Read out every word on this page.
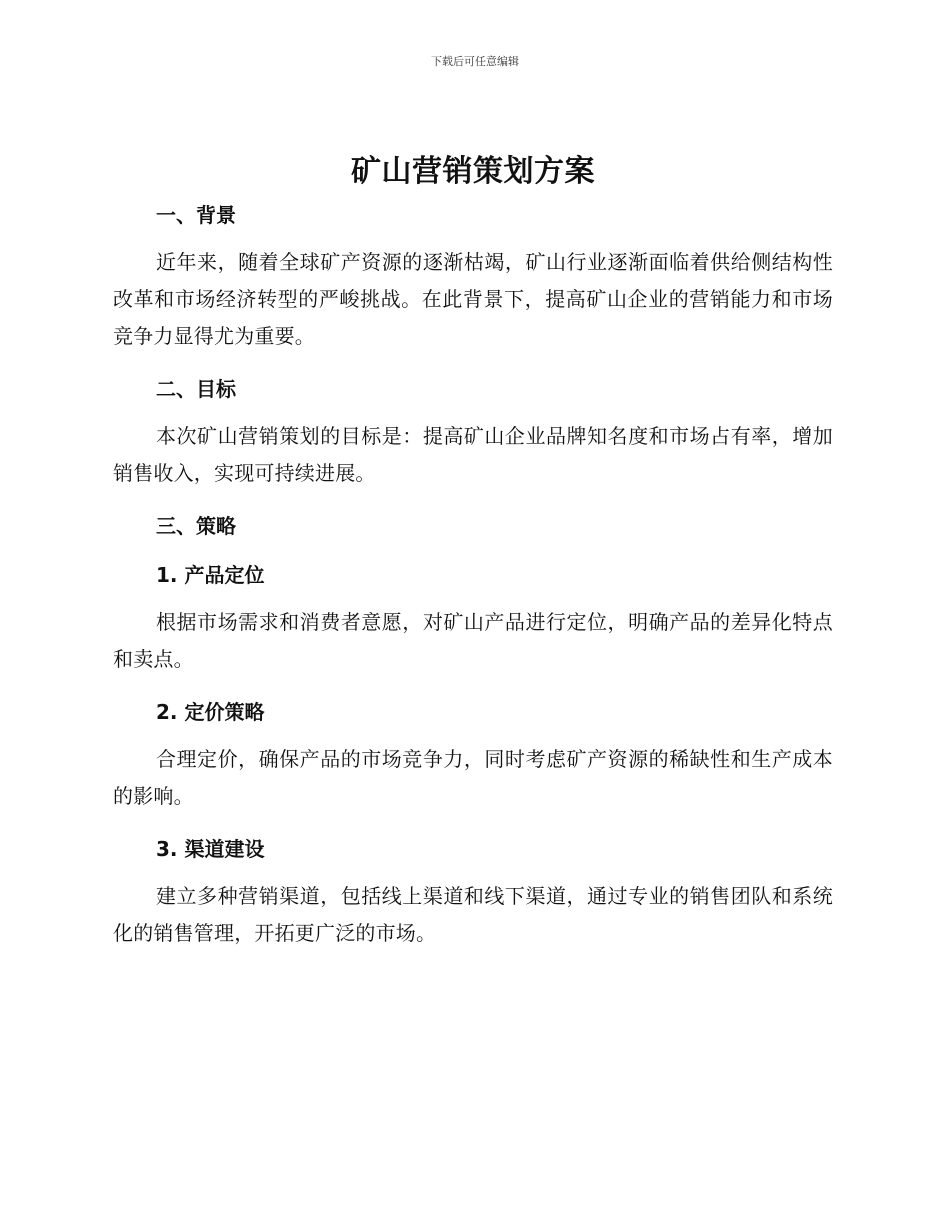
下载后可任意编辑
矿山营销策划方案
一、背景

近年来，随着全球矿产资源的逐渐枯竭，矿山行业逐渐面临着供给侧结构性改革和市场经济转型的严峻挑战。在此背景下，提高矿山企业的营销能力和市场竞争力显得尤为重要。

二、目标

本次矿山营销策划的目标是：提高矿山企业品牌知名度和市场占有率，增加销售收入，实现可持续进展。

三、策略
1. 产品定位

根据市场需求和消费者意愿，对矿山产品进行定位，明确产品的差异化特点和卖点。

2. 定价策略

合理定价，确保产品的市场竞争力，同时考虑矿产资源的稀缺性和生产成本的影响。

3. 渠道建设

建立多种营销渠道，包括线上渠道和线下渠道，通过专业的销售团队和系统化的销售管理，开拓更广泛的市场。
